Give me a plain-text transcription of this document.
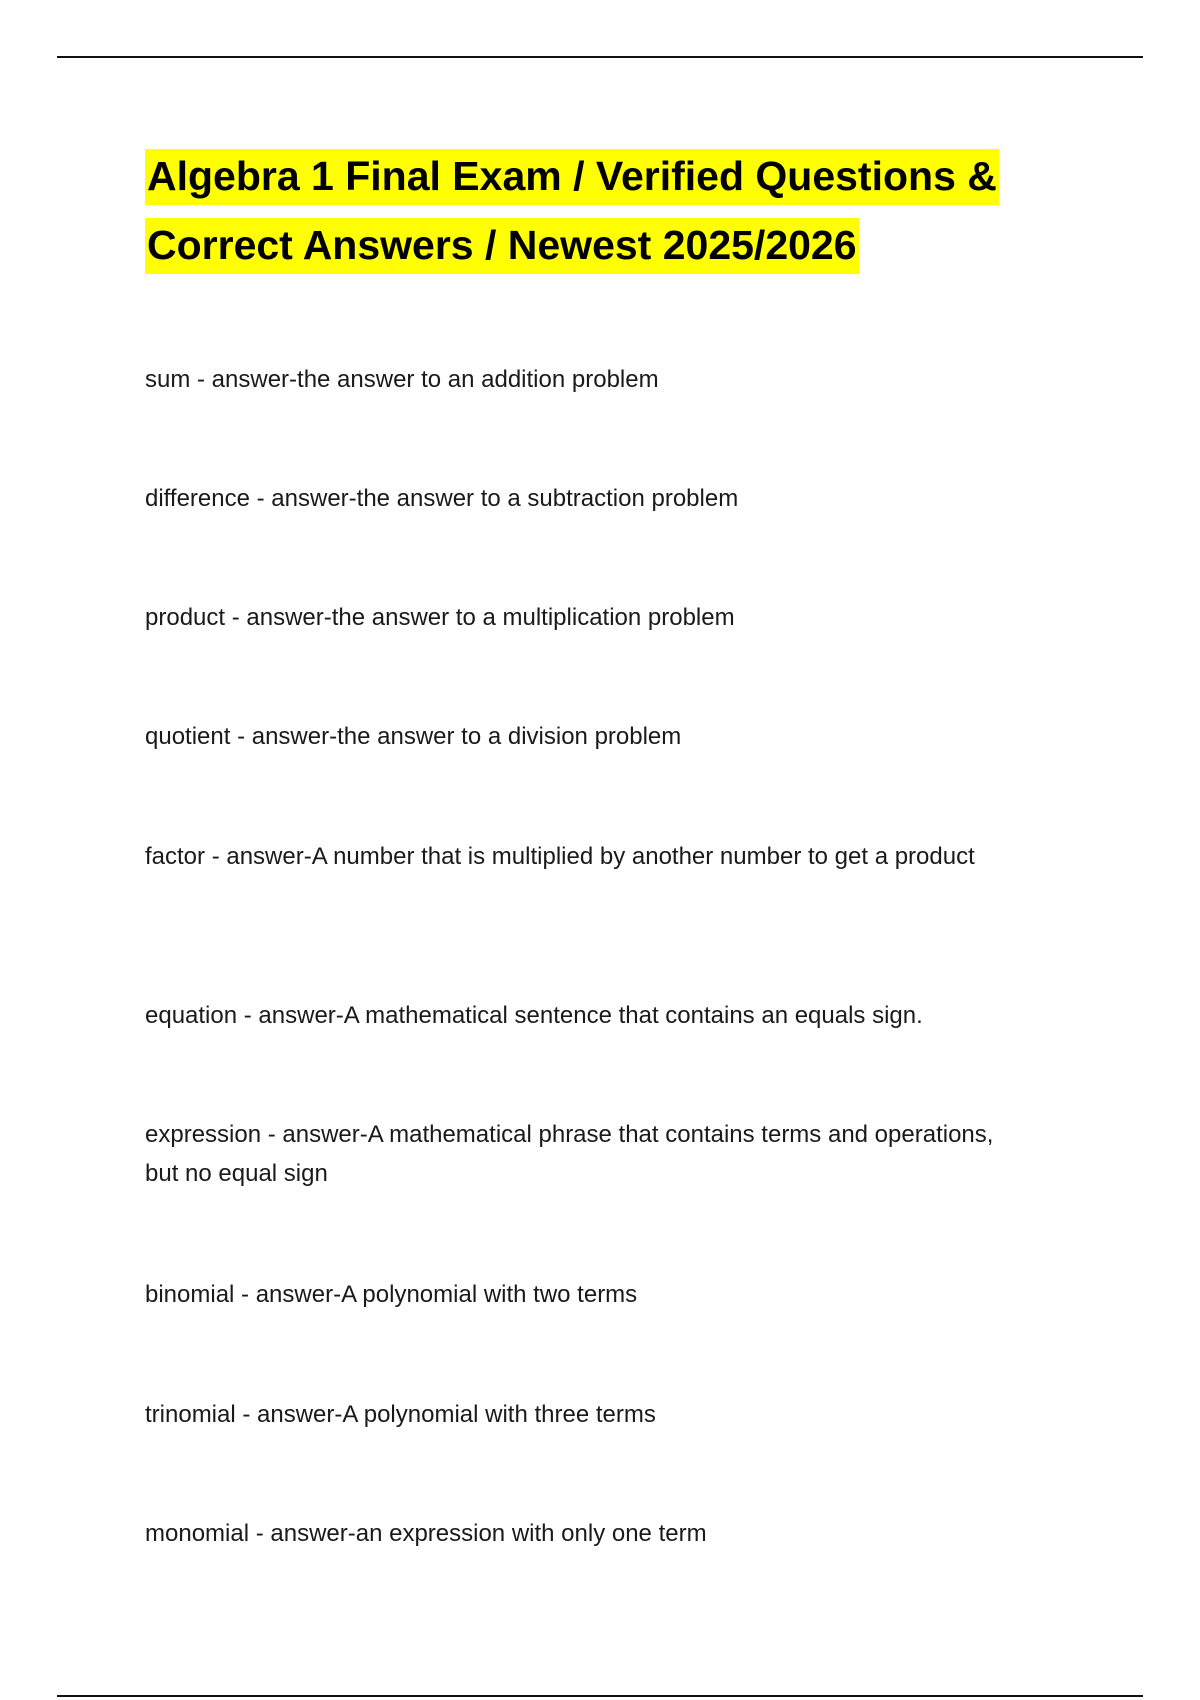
Algebra 1 Final Exam / Verified Questions & Correct Answers / Newest 2025/2026

sum - answer-the answer to an addition problem

difference - answer-the answer to a subtraction problem

product - answer-the answer to a multiplication problem

quotient - answer-the answer to a division problem

factor - answer-A number that is multiplied by another number to get a product

equation - answer-A mathematical sentence that contains an equals sign.

expression - answer-A mathematical phrase that contains terms and operations, but no equal sign

binomial - answer-A polynomial with two terms

trinomial - answer-A polynomial with three terms

monomial - answer-an expression with only one term
